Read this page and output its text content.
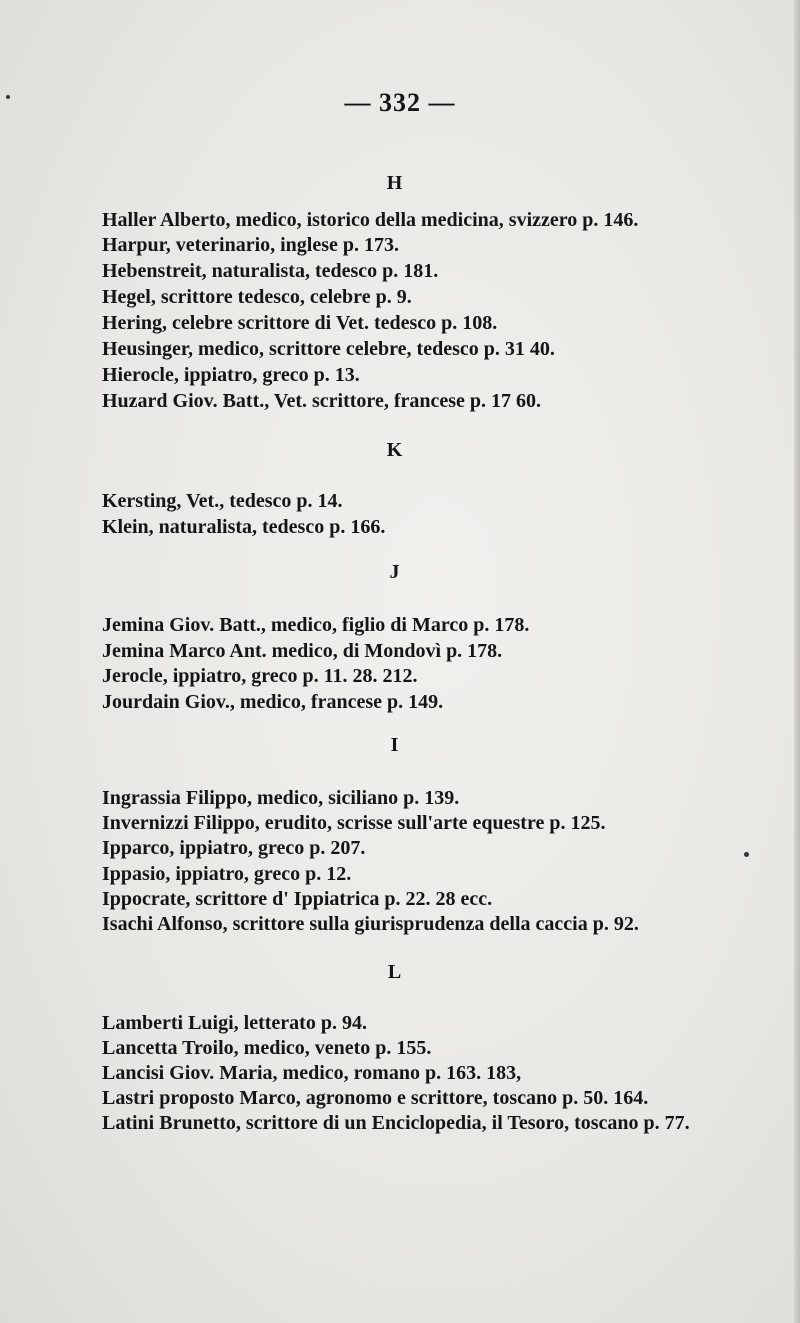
— 332 —
H
Haller Alberto, medico, istorico della medicina, svizzero p. 146.
Harpur, veterinario, inglese p. 173.
Hebenstreit, naturalista, tedesco p. 181.
Hegel, scrittore tedesco, celebre p. 9.
Hering, celebre scrittore di Vet. tedesco p. 108.
Heusinger, medico, scrittore celebre, tedesco p. 31 40.
Hierocle, ippiatro, greco p. 13.
Huzard Giov. Batt., Vet. scrittore, francese p. 17 60.
K
Kersting, Vet., tedesco p. 14.
Klein, naturalista, tedesco p. 166.
J
Jemina Giov. Batt., medico, figlio di Marco p. 178.
Jemina Marco Ant. medico, di Mondovì p. 178.
Jerocle, ippiatro, greco p. 11. 28. 212.
Jourdain Giov., medico, francese p. 149.
I
Ingrassia Filippo, medico, siciliano p. 139.
Invernizzi Filippo, erudito, scrisse sull'arte equestre p. 125.
Ipparco, ippiatro, greco p. 207.
Ippasio, ippiatro, greco p. 12.
Ippocrate, scrittore d' Ippiatrica p. 22. 28 ecc.
Isachi Alfonso, scrittore sulla giurisprudenza della caccia p. 92.
L
Lamberti Luigi, letterato p. 94.
Lancetta Troilo, medico, veneto p. 155.
Lancisi Giov. Maria, medico, romano p. 163. 183,
Lastri proposto Marco, agronomo e scrittore, toscano p. 50. 164.
Latini Brunetto, scrittore di un Enciclopedia, il Tesoro, toscano p. 77.
